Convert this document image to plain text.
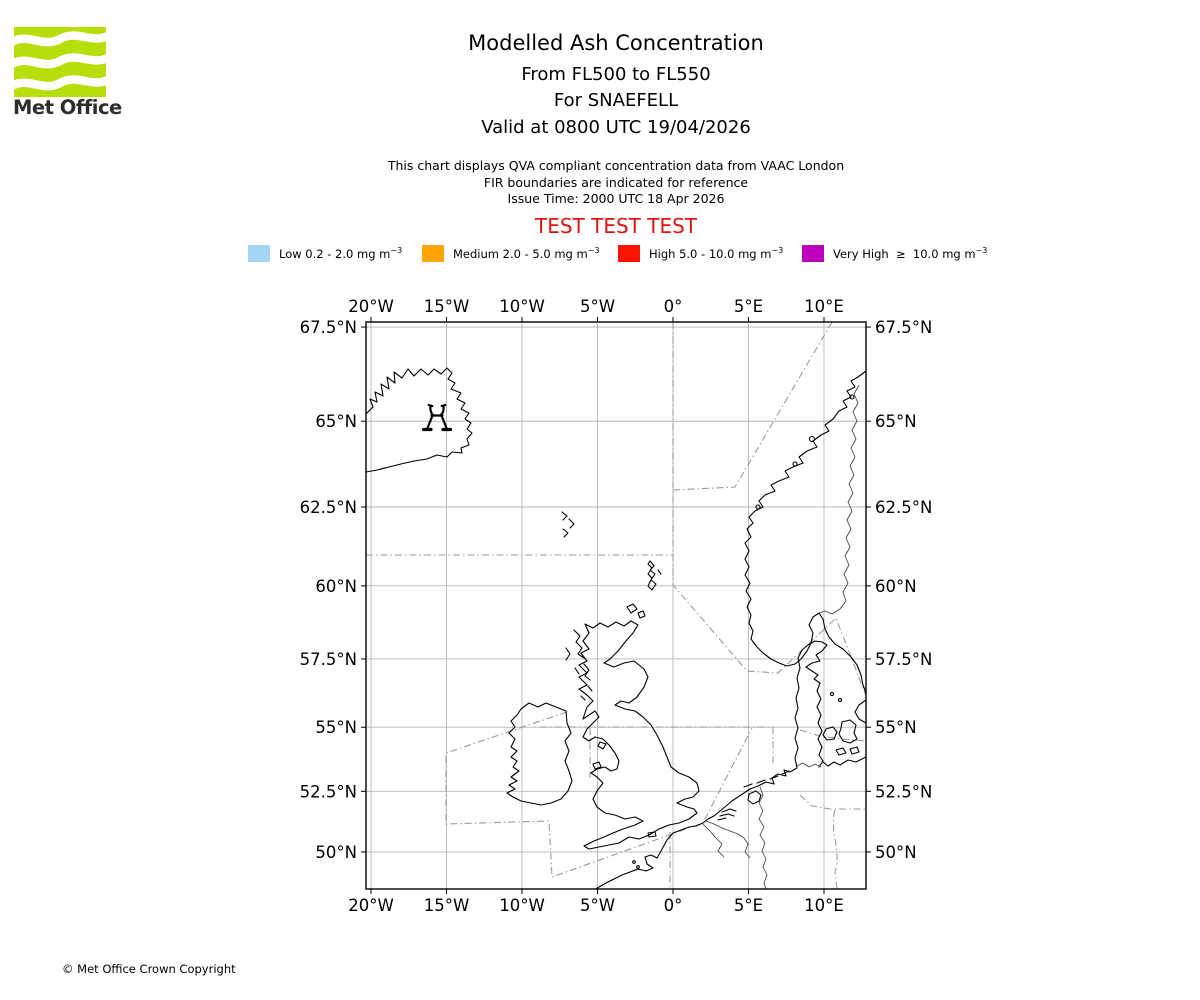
Met Office
Modelled Ash Concentration
From FL500 to FL550
For SNAEFELL
Valid at 0800 UTC 19/04/2026
This chart displays QVA compliant concentration data from VAAC London
FIR boundaries are indicated for reference
Issue Time: 2000 UTC 18 Apr 2026
TEST TEST TEST
Low 0.2 - 2.0 mg $m^{-3}$	Medium 2.0 - 5.0 mg $m^{-3}$	High 5.0 - 10.0 mg $m^{-3}$	Very High  ≥  10.0 mg $m^{-3}$
20°W
20°W
15°W
15°W
10°W
10°W
5°W
5°W
0°
0°
5°E
5°E
10°E
10°E
67.5°N	67.5°N
65°N	65°N
62.5°N	62.5°N
60°N	60°N
57.5°N	57.5°N
55°N	55°N
52.5°N	52.5°N
50°N	50°N
© Met Office Crown Copyright
